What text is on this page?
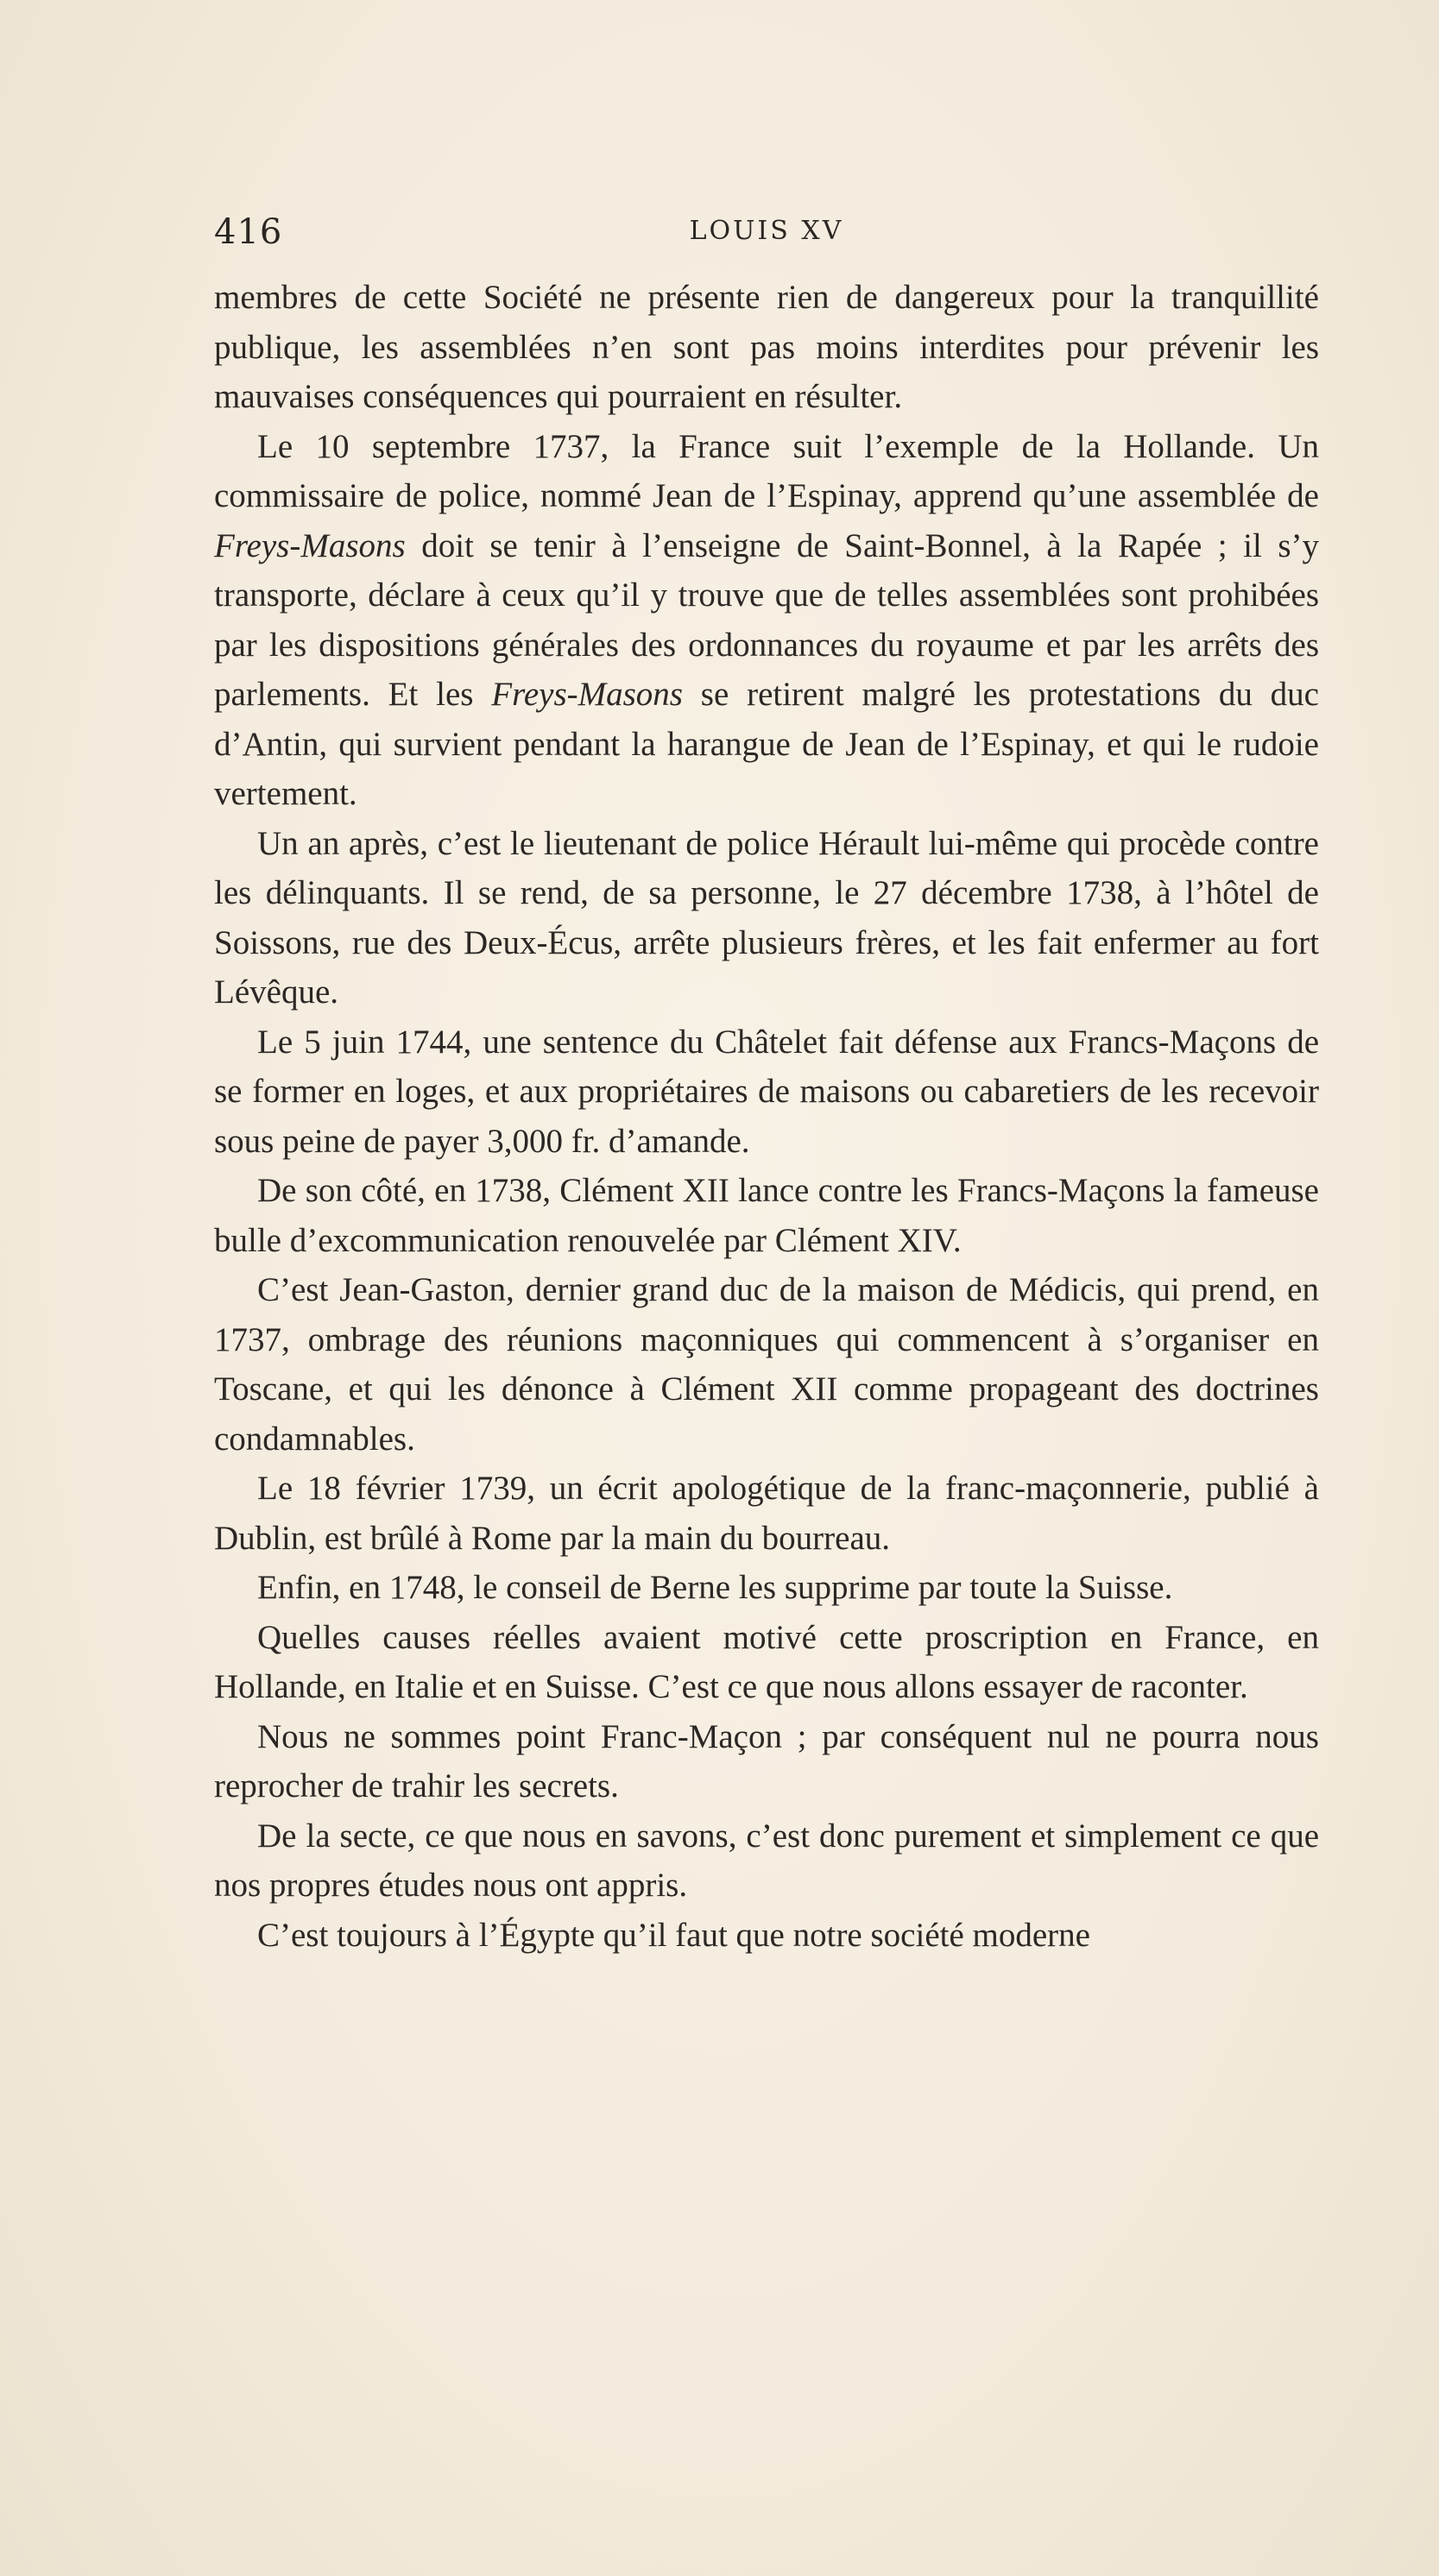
416	LOUIS XV

membres de cette Société ne présente rien de dangereux pour la tranquillité publique, les assemblées n’en sont pas moins interdites pour prévenir les mauvaises conséquences qui pourraient en résulter.

Le 10 septembre 1737, la France suit l’exemple de la Hollande. Un commissaire de police, nommé Jean de l’Espinay, apprend qu’une assemblée de Freys-Masons doit se tenir à l’enseigne de Saint-Bonnel, à la Rapée ; il s’y transporte, déclare à ceux qu’il y trouve que de telles assemblées sont prohibées par les dispositions générales des ordonnances du royaume et par les arrêts des parlements. Et les Freys-Masons se retirent malgré les protestations du duc d’Antin, qui survient pendant la harangue de Jean de l’Espinay, et qui le rudoie vertement.

Un an après, c’est le lieutenant de police Hérault lui-même qui procède contre les délinquants. Il se rend, de sa personne, le 27 décembre 1738, à l’hôtel de Soissons, rue des Deux-Écus, arrête plusieurs frères, et les fait enfermer au fort Lévêque.

Le 5 juin 1744, une sentence du Châtelet fait défense aux Francs-Maçons de se former en loges, et aux propriétaires de maisons ou cabaretiers de les recevoir sous peine de payer 3,000 fr. d’amande.

De son côté, en 1738, Clément XII lance contre les Francs-Maçons la fameuse bulle d’excommunication renouvelée par Clément XIV.

C’est Jean-Gaston, dernier grand duc de la maison de Médicis, qui prend, en 1737, ombrage des réunions maçonniques qui commencent à s’organiser en Toscane, et qui les dénonce à Clément XII comme propageant des doctrines condamnables.

Le 18 février 1739, un écrit apologétique de la franc-maçonnerie, publié à Dublin, est brûlé à Rome par la main du bourreau.

Enfin, en 1748, le conseil de Berne les supprime par toute la Suisse.

Quelles causes réelles avaient motivé cette proscription en France, en Hollande, en Italie et en Suisse. C’est ce que nous allons essayer de raconter.

Nous ne sommes point Franc-Maçon ; par conséquent nul ne pourra nous reprocher de trahir les secrets.

De la secte, ce que nous en savons, c’est donc purement et simplement ce que nos propres études nous ont appris.

C’est toujours à l’Égypte qu’il faut que notre société moderne
